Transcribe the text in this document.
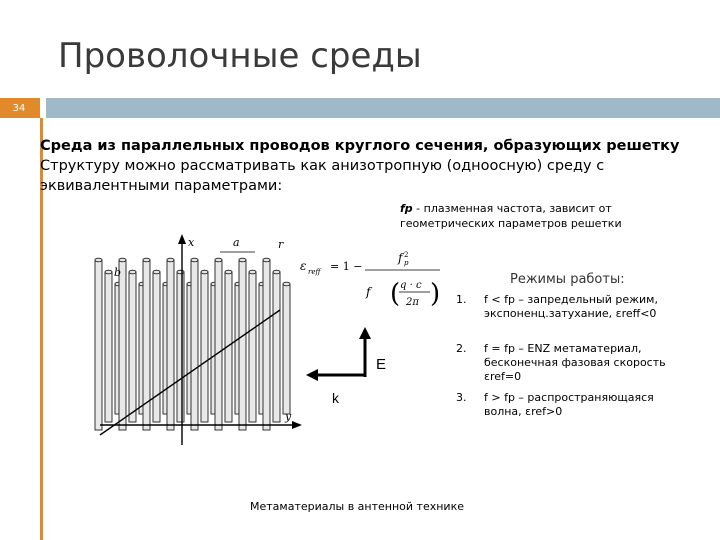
Проволочные среды
34
Среда из параллельных проводов круглого сечения, образующих решетку
Структуру можно рассматривать как анизотропную (одноосную) среду с эквивалентными параметрами:
fp - плазменная частота, зависит от геометрических параметров решетки
x
y
a
b
r
ε reff = 1 −
f p
2
f ( q · c
2π )
E
k
Режимы работы:
1. f < fp – запредельный режим, экспоненц.затухание, εreff<0
2. f = fp – ENZ метаматериал, бесконечная фазовая скорость εref=0
3. f > fp – распространяющаяся волна, εref>0
Метаматериалы в антенной технике
